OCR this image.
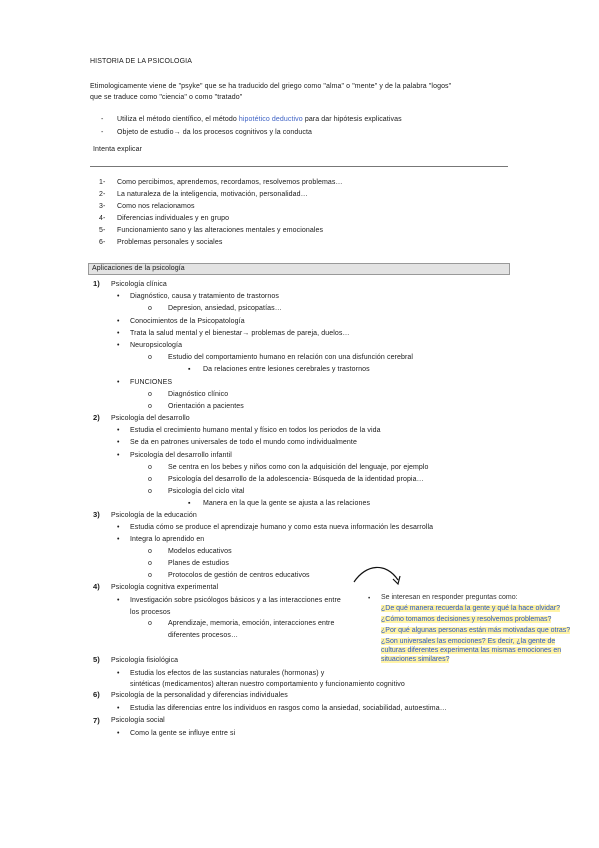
HISTORIA DE LA PSICOLOGIA
Etimologicamente viene de "psyke" que se ha traducido del griego como "alma" o "mente" y de la palabra "logos"
que se traduce como "ciencia" o como "tratado"
- Utiliza el método científico, el método hipotético deductivo para dar hipótesis explicativas
- Objeto de estudio→ da los procesos cognitivos y la conducta
Intenta explicar
1- Como percibimos, aprendemos, recordamos, resolvemos problemas…
2- La naturaleza de la inteligencia, motivación, personalidad…
3- Como nos relacionamos
4- Diferencias individuales y en grupo
5- Funcionamiento sano y las alteraciones mentales y emocionales
6- Problemas personales y sociales
Aplicaciones de la psicología
1) Psicología clínica
• Diagnóstico, causa y tratamiento de trastornos
o Depresion, ansiedad, psicopatías…
• Conocimientos de la Psicopatología
• Trata la salud mental y el bienestar→ problemas de pareja, duelos…
• Neuropsicología
o Estudio del comportamiento humano en relación con una disfunción cerebral
▪ Da relaciones entre lesiones cerebrales y trastornos
• FUNCIONES
o Diagnóstico clínico
o Orientación a pacientes
2) Psicología del desarrollo
• Estudia el crecimiento humano mental y físico en todos los periodos de la vida
• Se da en patrones universales de todo el mundo como individualmente
• Psicología del desarrollo infantil
o Se centra en los bebes y niños como con la adquisición del lenguaje, por ejemplo
o Psicología del desarrollo de la adolescencia- Búsqueda de la identidad propia…
o Psicología del ciclo vital
▪ Manera en la que la gente se ajusta a las relaciones
3) Psicología de la educación
• Estudia cómo se produce el aprendizaje humano y como esta nueva información les desarrolla
• Integra lo aprendido en
o Modelos educativos
o Planes de estudios
o Protocolos de gestión de centros educativos
4) Psicología cognitiva experimental
• Investigación sobre psicólogos básicos y a las interacciones entre
los procesos
o Aprendizaje, memoria, emoción, interacciones entre
diferentes procesos…
• Se interesan en responder preguntas como:
¿De qué manera recuerda la gente y qué la hace olvidar?
¿Cómo tomamos decisiones y resolvemos problemas?
¿Por qué algunas personas están más motivadas que otras?
¿Son universales las emociones? Es decir, ¿la gente de
culturas diferentes experimenta las mismas emociones en
situaciones similares?
5) Psicología fisiológica
• Estudia los efectos de las sustancias naturales (hormonas) y
sintéticas (medicamentos) alteran nuestro comportamiento y funcionamiento cognitivo
6) Psicología de la personalidad y diferencias individuales
• Estudia las diferencias entre los individuos en rasgos como la ansiedad, sociabilidad, autoestima…
7) Psicología social
• Como la gente se influye entre si
